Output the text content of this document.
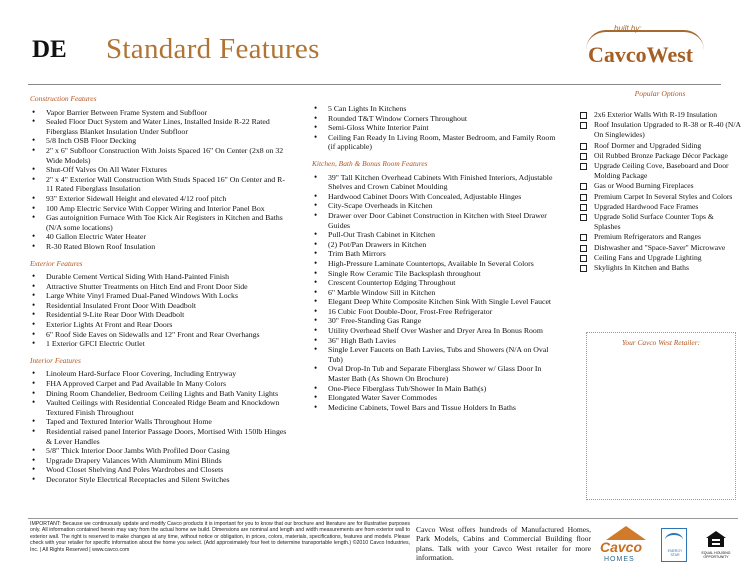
DE Standard Features
built by:
CavcoWest
Construction Features
• Vapor Barrier Between Frame System and Subfloor
• Sealed Floor Duct System and Water Lines, Installed Inside R-22 Rated Fiberglass Blanket Insulation Under Subfloor
• 5/8 Inch OSB Floor Decking
• 2" x 6" Subfloor Construction With Joists Spaced 16" On Center (2x8 on 32 Wide Models)
• Shut-Off Valves On All Water Fixtures
• 2" x 4" Exterior Wall Construction With Studs Spaced 16" On Center and R-11 Rated Fiberglass Insulation
• 93" Exterior Sidewall Height and elevated 4/12 roof pitch
• 100 Amp Electric Service With Copper Wiring and Interior Panel Box
• Gas autoignition Furnace With Toe Kick Air Registers in Kitchen and Baths (N/A some locations)
• 40 Gallon Electric Water Heater
• R-30 Rated Blown Roof Insulation
Exterior Features
• Durable Cement Vertical Siding With Hand-Painted Finish
• Attractive Shutter Treatments on Hitch End and Front Door Side
• Large White Vinyl Framed Dual-Paned Windows With Locks
• Residential Insulated Front Door With Deadbolt
• Residential 9-Lite Rear Door With Deadbolt
• Exterior Lights At Front and Rear Doors
• 6" Roof Side Eaves on Sidewalls and 12" Front and Rear Overhangs
• 1 Exterior GFCI Electric Outlet
Interior Features
• Linoleum Hard-Surface Floor Covering, Including Entryway
• FHA Approved Carpet and Pad Available In Many Colors
• Dining Room Chandelier, Bedroom Ceiling Lights and Bath Vanity Lights
• Vaulted Ceilings with Residential Concealed Ridge Beam and Knockdown Textured Finish Throughout
• Taped and Textured Interior Walls Throughout Home
• Residential raised panel Interior Passage Doors, Mortised With 150lb Hinges & Lever Handles
• 5/8" Thick Interior Door Jambs With Profiled Door Casing
• Upgrade Drapery Valances With Aluminum Mini Blinds
• Wood Closet Shelving And Poles Wardrobes and Closets
• Decorator Style Electrical Receptacles and Silent Switches
• 5 Can Lights In Kitchens
• Rounded T&T Window Corners Throughout
• Semi-Gloss White Interior Paint
• Ceiling Fan Ready In Living Room, Master Bedroom, and Family Room (if applicable)
Kitchen, Bath & Bonus Room Features
• 39" Tall Kitchen Overhead Cabinets With Finished Interiors, Adjustable Shelves and Crown Cabinet Moulding
• Hardwood Cabinet Doors With Concealed, Adjustable Hinges
• City-Scape Overheads in Kitchen
• Drawer over Door Cabinet Construction in Kitchen with Steel Drawer Guides
• Pull-Out Trash Cabinet in Kitchen
• (2) Pot/Pan Drawers in Kitchen
• Trim Bath Mirrors
• High-Pressure Laminate Countertops, Available In Several Colors
• Single Row Ceramic Tile Backsplash throughout
• Crescent Countertop Edging Throughout
• 6" Marble Window Sill in Kitchen
• Elegant Deep White Composite Kitchen Sink With Single Level Faucet
• 16 Cubic Foot Double-Door, Frost-Free Refrigerator
• 30" Free-Standing Gas Range
• Utility Overhead Shelf Over Washer and Dryer Area In Bonus Room
• 36" High Bath Lavies
• Single Lever Faucets on Bath Lavies, Tubs and Showers (N/A on Oval Tub)
• Oval Drop-In Tub and Separate Fiberglass Shower w/ Glass Door In Master Bath (As Shown On Brochure)
• One-Piece Fiberglass Tub/Shower In Main Bath(s)
• Elongated Water Saver Commodes
• Medicine Cabinets, Towel Bars and Tissue Holders In Baths
Popular Options
2x6 Exterior Walls With R-19 Insulation
Roof Insulation Upgraded to R-38 or R-40 (N/A On Singlewides)
Roof Dormer and Upgraded Siding
Oil Rubbed Bronze Package Décor Package
Upgrade Ceiling Cove, Baseboard and Door Molding Package
Gas or Wood Burning Fireplaces
Premium Carpet In Several Styles and Colors
Upgraded Hardwood Face Frames
Upgrade Solid Surface Counter Tops & Splashes
Premium Refrigerators and Ranges
Dishwasher and "Space-Saver" Microwave
Ceiling Fans and Upgrade Lighting
Skylights In Kitchen and Baths
Your Cavco West Retailer:
IMPORTANT: Because we continuously update and modify Cavco products it is important for you to know that our brochure and literature are for illustrative purposes only. All information contained herein may vary from the actual home we build. Dimensions are nominal and length and width measurements are from exterior wall to exterior wall. The right is reserved to make changes at any time, without notice or obligation, in prices, colors, materials, specifications, features and models. Please check with your retailer for specific information about the home you select. (Add approximately four feet to determine transportable length.) ©2010 Cavco Industries, Inc. | All Rights Reserved | www.cavco.com
Cavco West offers hundreds of Manufactured Homes, Park Models, Cabins and Commercial Building floor plans. Talk with your Cavco West retailer for more information.
Cavco
HOMES
ENERGY STAR	EQUAL HOUSING OPPORTUNITY
